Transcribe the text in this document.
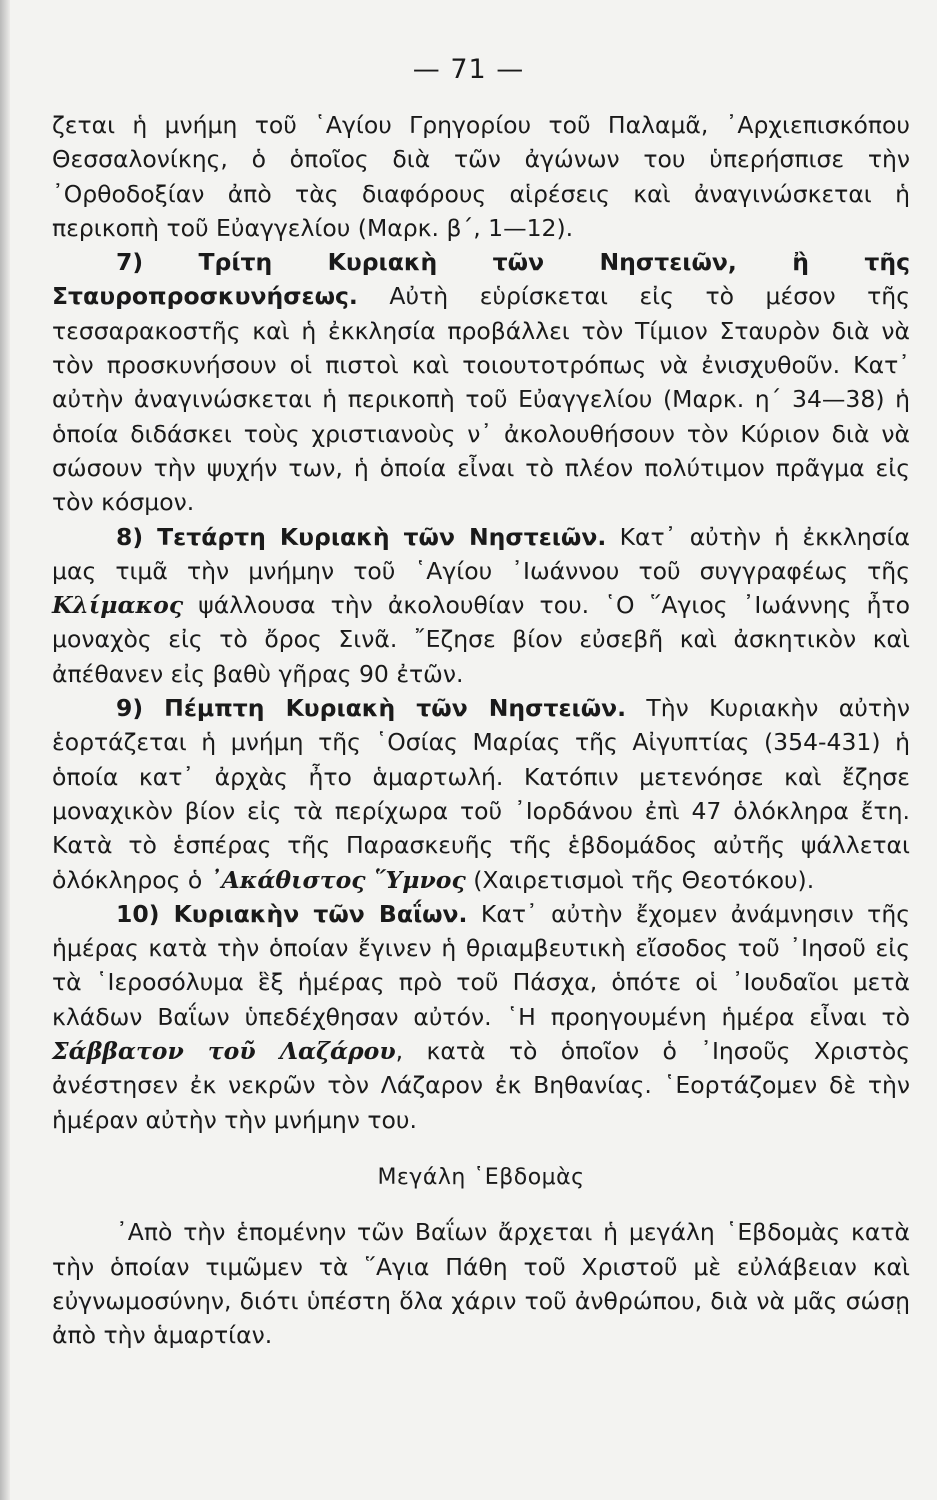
— 71 —

ζεται ἡ μνήμη τοῦ ῾Αγίου Γρηγορίου τοῦ Παλαμᾶ, ᾿Αρχιεπισκόπου Θεσσαλονίκης, ὁ ὁποῖος διὰ τῶν ἀγώνων του ὑπερήσπισε τὴν ᾿Ορθοδοξίαν ἀπὸ τὰς διαφόρους αἱρέσεις καὶ ἀναγινώσκεται ἡ περικοπὴ τοῦ Εὐαγγελίου (Μαρκ. β΄, 1—12).

7) Τρίτη Κυριακὴ τῶν Νηστειῶν, ἢ τῆς Σταυροπροσκυνήσεως. Αὐτὴ εὑρίσκεται εἰς τὸ μέσον τῆς τεσσαρακοστῆς καὶ ἡ ἐκκλησία προβάλλει τὸν Τίμιον Σταυρὸν διὰ νὰ τὸν προσκυνήσουν οἱ πιστοὶ καὶ τοιουτοτρόπως νὰ ἐνισχυθοῦν. Κατ᾿ αὐτὴν ἀναγινώσκεται ἡ περικοπὴ τοῦ Εὐαγγελίου (Μαρκ. η΄ 34—38) ἡ ὁποία διδάσκει τοὺς χριστιανοὺς ν᾿ ἀκολουθήσουν τὸν Κύριον διὰ νὰ σώσουν τὴν ψυχήν των, ἡ ὁποία εἶναι τὸ πλέον πολύτιμον πρᾶγμα εἰς τὸν κόσμον.

8) Τετάρτη Κυριακὴ τῶν Νηστειῶν. Κατ᾿ αὐτὴν ἡ ἐκκλησία μας τιμᾶ τὴν μνήμην τοῦ ῾Αγίου ᾿Ιωάννου τοῦ συγγραφέως τῆς Κλίμακος ψάλλουσα τὴν ἀκολουθίαν του. ῾Ο ῞Αγιος ᾿Ιωάννης ἦτο μοναχὸς εἰς τὸ ὄρος Σινᾶ. ῎Εζησε βίον εὐσεβῆ καὶ ἀσκητικὸν καὶ ἀπέθανεν εἰς βαθὺ γῆρας 90 ἐτῶν.

9) Πέμπτη Κυριακὴ τῶν Νηστειῶν. Τὴν Κυριακὴν αὐτὴν ἑορτάζεται ἡ μνήμη τῆς ῾Οσίας Μαρίας τῆς Αἰγυπτίας (354-431) ἡ ὁποία κατ᾿ ἀρχὰς ἦτο ἁμαρτωλή. Κατόπιν μετενόησε καὶ ἔζησε μοναχικὸν βίον εἰς τὰ περίχωρα τοῦ ᾿Ιορδάνου ἐπὶ 47 ὁλόκληρα ἔτη. Κατὰ τὸ ἑσπέρας τῆς Παρασκευῆς τῆς ἑβδομάδος αὐτῆς ψάλλεται ὁλόκληρος ὁ ᾿Ακάθιστος ῞Υμνος (Χαιρετισμοὶ τῆς Θεοτόκου).

10) Κυριακὴν τῶν Βαΐων. Κατ᾿ αὐτὴν ἔχομεν ἀνάμνησιν τῆς ἡμέρας κατὰ τὴν ὁποίαν ἔγινεν ἡ θριαμβευτικὴ εἴσοδος τοῦ ᾿Ιησοῦ εἰς τὰ ῾Ιεροσόλυμα ἓξ ἡμέρας πρὸ τοῦ Πάσχα, ὁπότε οἱ ᾿Ιουδαῖοι μετὰ κλάδων Βαΐων ὑπεδέχθησαν αὐτόν. ῾Η προηγουμένη ἡμέρα εἶναι τὸ Σάββατον τοῦ Λαζάρου, κατὰ τὸ ὁποῖον ὁ ᾿Ιησοῦς Χριστὸς ἀνέστησεν ἐκ νεκρῶν τὸν Λάζαρον ἐκ Βηθανίας. ῾Εορτάζομεν δὲ τὴν ἡμέραν αὐτὴν τὴν μνήμην του.

Μεγάλη ῾Εβδομὰς

᾿Απὸ τὴν ἑπομένην τῶν Βαΐων ἄρχεται ἡ μεγάλη ῾Εβδομὰς κατὰ τὴν ὁποίαν τιμῶμεν τὰ ῞Αγια Πάθη τοῦ Χριστοῦ μὲ εὐλάβειαν καὶ εὐγνωμοσύνην, διότι ὑπέστη ὅλα χάριν τοῦ ἀνθρώπου, διὰ νὰ μᾶς σώσῃ ἀπὸ τὴν ἁμαρτίαν.
